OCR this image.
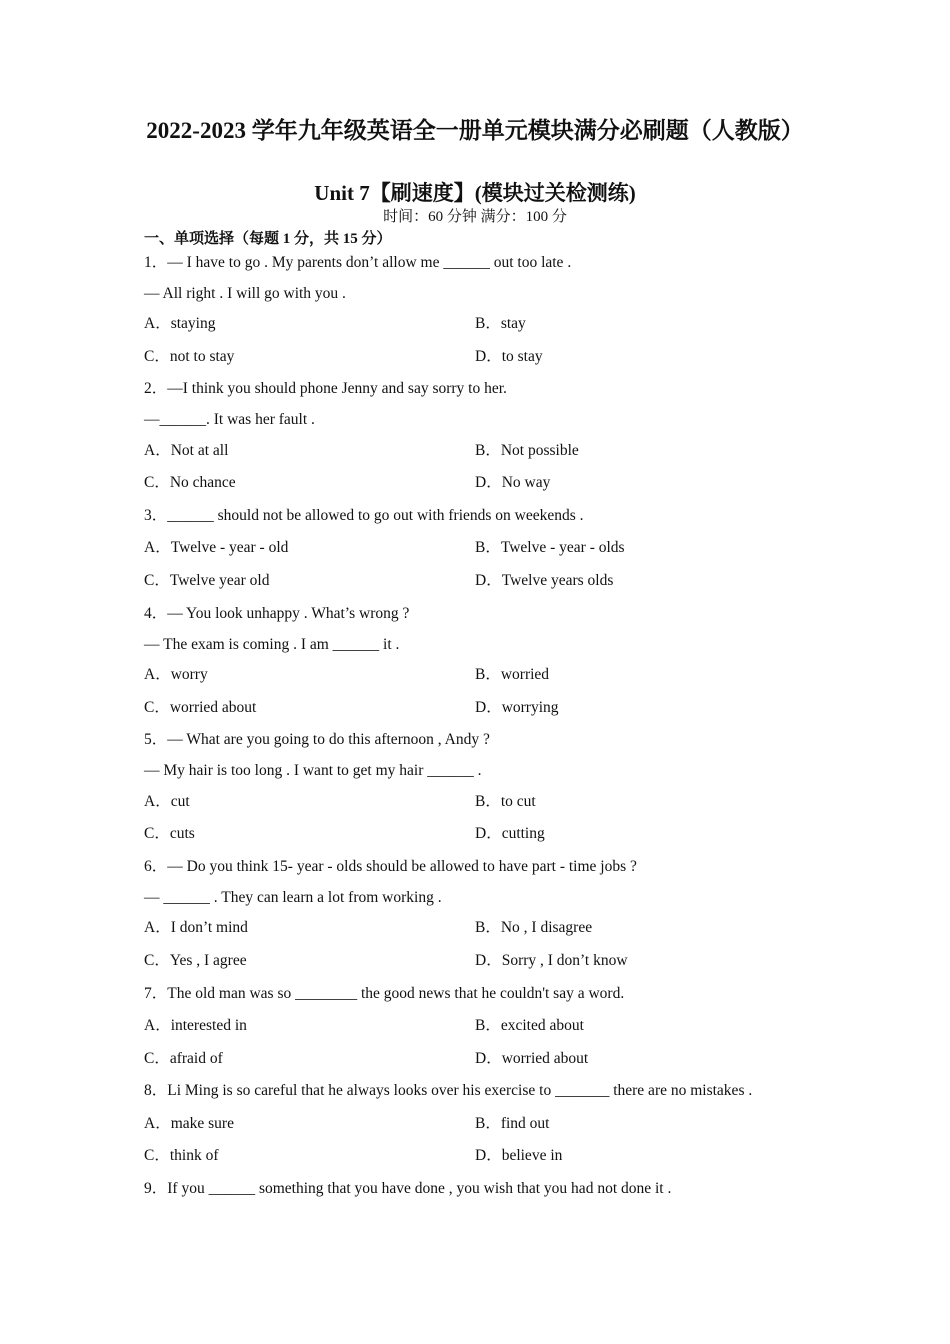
2022-2023 学年九年级英语全一册单元模块满分必刷题（人教版）
Unit 7【刷速度】(模块过关检测练)
时间：60 分钟 满分：100 分
一、单项选择（每题 1 分，共 15 分）
1．— I have to go . My parents don’t allow me ______ out too late .
— All right . I will go with you .
A．staying	B．stay
C．not to stay	D．to stay
2．—I think you should phone Jenny and say sorry to her.
—______. It was her fault .
A．Not at all	B．Not possible
C．No chance	D．No way
3．______ should not be allowed to go out with friends on weekends .
A．Twelve - year - old	B．Twelve - year - olds
C．Twelve year old	D．Twelve years olds
4．— You look unhappy . What’s wrong ?
— The exam is coming . I am ______ it .
A．worry	B．worried
C．worried about	D．worrying
5．— What are you going to do this afternoon , Andy ?
— My hair is too long . I want to get my hair ______ .
A．cut	B．to cut
C．cuts	D．cutting
6．— Do you think 15- year - olds should be allowed to have part - time jobs ?
— ______ . They can learn a lot from working .
A．I don’t mind	B．No , I disagree
C．Yes , I agree	D．Sorry , I don’t know
7．The old man was so ________ the good news that he couldn't say a word.
A．interested in	B．excited about
C．afraid of	D．worried about
8．Li Ming is so careful that he always looks over his exercise to _______ there are no mistakes .
A．make sure	B．find out
C．think of	D．believe in
9．If you ______ something that you have done , you wish that you had not done it .
